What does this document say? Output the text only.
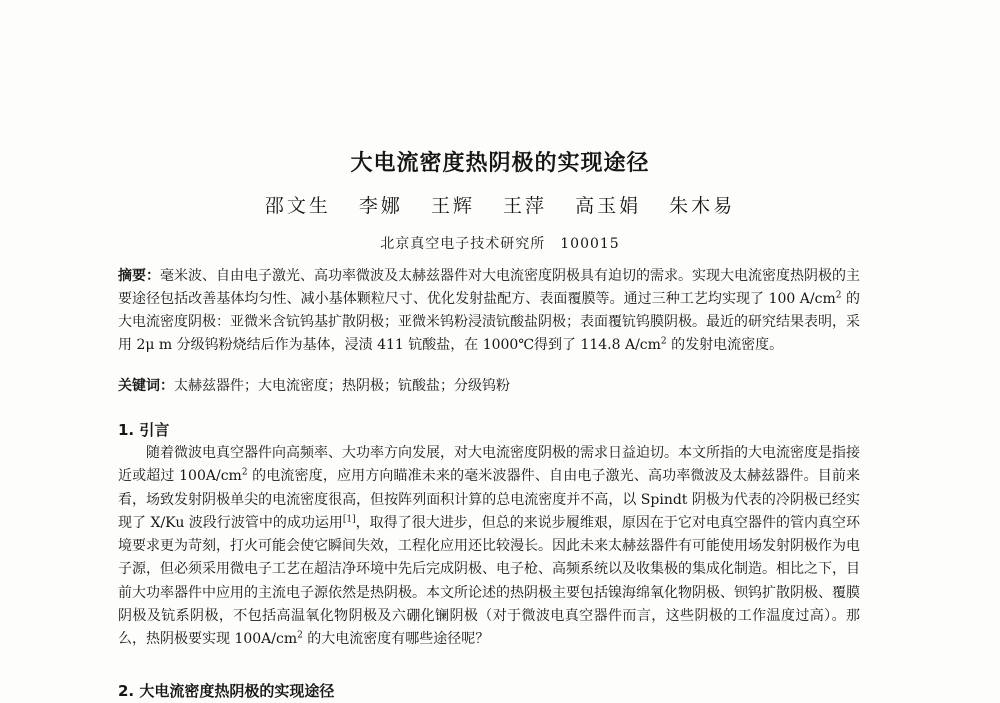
大电流密度热阴极的实现途径
邵文生 李娜 王辉 王萍 高玉娟 朱木易
北京真空电子技术研究所　100015
摘要：毫米波、自由电子激光、高功率微波及太赫兹器件对大电流密度阴极具有迫切的需求。实现大电流密度热阴极的主要途径包括改善基体均匀性、减小基体颗粒尺寸、优化发射盐配方、表面覆膜等。通过三种工艺均实现了 100 $A/cm^2$ 的大电流密度阴极：亚微米含钪钨基扩散阴极；亚微米钨粉浸渍钪酸盐阴极；表面覆钪钨膜阴极。最近的研究结果表明，采用 2μ m 分级钨粉烧结后作为基体，浸渍 411 钪酸盐，在 1000℃得到了 114.8 $A/cm^2$ 的发射电流密度。
关键词：太赫兹器件；大电流密度；热阴极；钪酸盐；分级钨粉
1. 引言
随着微波电真空器件向高频率、大功率方向发展，对大电流密度阴极的需求日益迫切。本文所指的大电流密度是指接近或超过 $100A/cm^2$ 的电流密度，应用方向瞄准未来的毫米波器件、自由电子激光、高功率微波及太赫兹器件。目前来看，场致发射阴极单尖的电流密度很高，但按阵列面积计算的总电流密度并不高，以 Spindt 阴极为代表的冷阴极已经实现了 X/Ku 波段行波管中的成功运用[1]，取得了很大进步，但总的来说步履维艰，原因在于它对电真空器件的管内真空环境要求更为苛刻，打火可能会使它瞬间失效，工程化应用还比较漫长。因此未来太赫兹器件有可能使用场发射阴极作为电子源，但必须采用微电子工艺在超洁净环境中先后完成阴极、电子枪、高频系统以及收集极的集成化制造。相比之下，目前大功率器件中应用的主流电子源依然是热阴极。本文所论述的热阴极主要包括镍海绵氧化物阴极、钡钨扩散阴极、覆膜阴极及钪系阴极，不包括高温氧化物阴极及六硼化镧阴极（对于微波电真空器件而言，这些阴极的工作温度过高）。那么，热阴极要实现 $100A/cm^2$ 的大电流密度有哪些途径呢？
2. 大电流密度热阴极的实现途径
